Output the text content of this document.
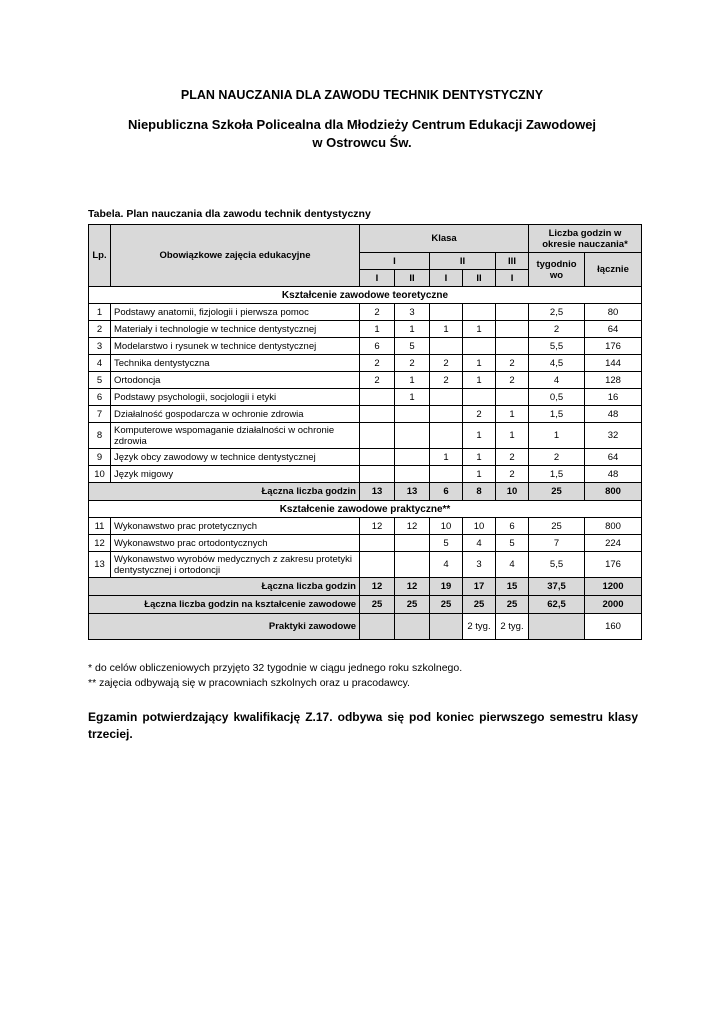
PLAN NAUCZANIA DLA ZAWODU TECHNIK DENTYSTYCZNY
Niepubliczna Szkoła Policealna dla Młodzieży Centrum Edukacji Zawodowej
w Ostrowcu Św.
Tabela. Plan nauczania dla zawodu technik dentystyczny
Lp.	Obowiązkowe zajęcia edukacyjne	Klasa					Liczba godzin w okresie nauczania*	
		I		II		III	tygodnio wo	łącznie
		I	II	I	II	I		
Kształcenie zawodowe teoretyczne								
1	Podstawy anatomii, fizjologii i pierwsza pomoc	2	3				2,5	80
2	Materiały i technologie w technice dentystycznej	1	1	1	1		2	64
3	Modelarstwo i rysunek w technice dentystycznej	6	5				5,5	176
4	Technika dentystyczna	2	2	2	1	2	4,5	144
5	Ortodoncja	2	1	2	1	2	4	128
6	Podstawy psychologii, socjologii i etyki		1				0,5	16
7	Działalność gospodarcza w ochronie zdrowia				2	1	1,5	48
8	Komputerowe wspomaganie działalności w ochronie zdrowia				1	1	1	32
9	Język obcy zawodowy w technice dentystycznej			1	1	2	2	64
10	Język migowy				1	2	1,5	48
Łączna liczba godzin		13	13	6	8	10	25	800
Kształcenie zawodowe praktyczne**								
11	Wykonawstwo prac protetycznych	12	12	10	10	6	25	800
12	Wykonawstwo prac ortodontycznych			5	4	5	7	224
13	Wykonawstwo wyrobów medycznych z zakresu protetyki dentystycznej i ortodoncji			4	3	4	5,5	176
Łączna liczba godzin		12	12	19	17	15	37,5	1200
Łączna liczba godzin na kształcenie zawodowe		25	25	25	25	25	62,5	2000
Praktyki zawodowe					2 tyg.	2 tyg.		160
* do celów obliczeniowych przyjęto 32 tygodnie w ciągu jednego roku szkolnego.
** zajęcia odbywają się w pracowniach szkolnych oraz u pracodawcy.
Egzamin potwierdzający kwalifikację Z.17. odbywa się pod koniec pierwszego semestru klasy trzeciej.
